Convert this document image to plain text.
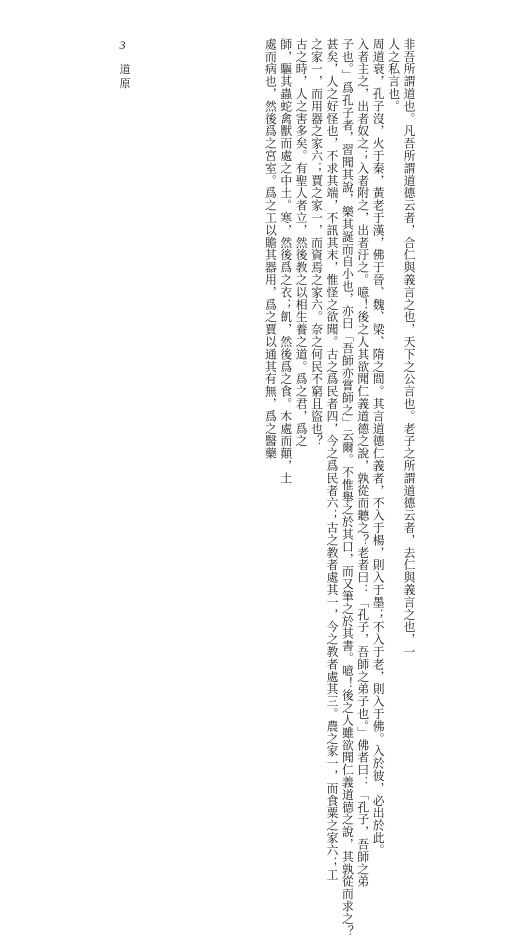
3 道原	非吾所謂道也。凡吾所謂道德云者，合仁與義言之也，天下之公言也。老子之所謂道德云者，去仁與義言之也，一
人之私言也。
周道衰，孔子沒，火于秦，黃老于漢，佛于晉、魏、梁、隋之間。其言道德仁義者，不入于楊，則入于墨；不入于老，則入于佛。入於彼，必出於此。
入者主之，出者奴之；入者附之，出者汙之。噫！後之人其欲聞仁義道德之說，孰從而聽之？老者曰：「孔子，吾師之弟子也。」佛者曰：「孔子，吾師之弟
子也。」爲孔子者，習聞其說，樂其誕而自小也，亦曰「吾師亦嘗師之」云爾。不惟舉之於其口，而又筆之於其書。噫！後之人雖欲聞仁義道德之說，其孰從而求之？
甚矣，人之好怪也，不求其端，不訊其末，惟怪之欲聞。古之爲民者四，今之爲民者六；古之教者處其一，今之教者處其三。農之家一，而食粟之家六；工
之家一，而用器之家六；賈之家一，而資焉之家六。奈之何民不窮且盜也？
古之時，人之害多矣。有聖人者立，然後教之以相生養之道。爲之君，爲之
師，驅其蟲蛇禽獸而處之中土。寒，然後爲之衣；飢，然後爲之食。木處而顛，土
處而病也，然後爲之宮室。爲之工以贍其器用，爲之賈以通其有無，爲之醫藥
